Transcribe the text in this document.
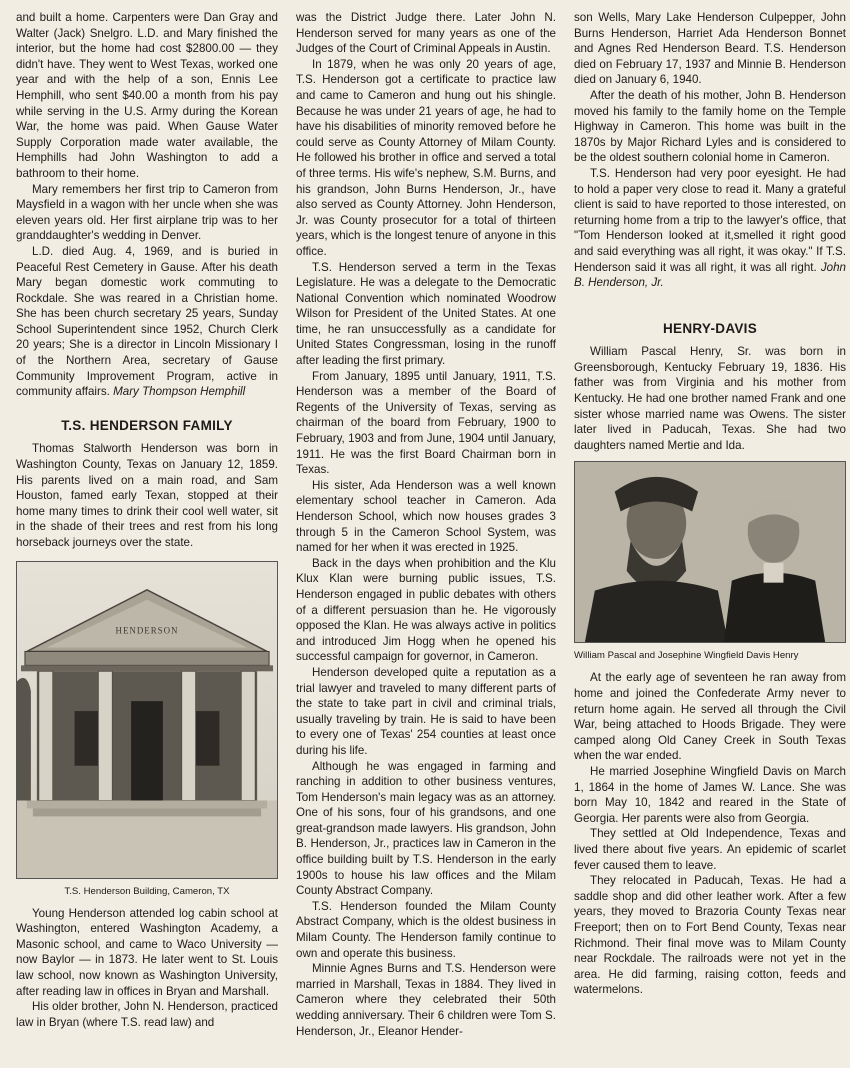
and built a home. Carpenters were Dan Gray and Walter (Jack) Snelgro. L.D. and Mary finished the interior, but the home had cost $2800.00 — they didn't have. They went to West Texas, worked one year and with the help of a son, Ennis Lee Hemphill, who sent $40.00 a month from his pay while serving in the U.S. Army during the Korean War, the home was paid. When Gause Water Supply Corporation made water available, the Hemphills had John Washington to add a bathroom to their home.

Mary remembers her first trip to Cameron from Maysfield in a wagon with her uncle when she was eleven years old. Her first airplane trip was to her granddaughter's wedding in Denver.

L.D. died Aug. 4, 1969, and is buried in Peaceful Rest Cemetery in Gause. After his death Mary began domestic work commuting to Rockdale. She was reared in a Christian home. She has been church secretary 25 years, Sunday School Superintendent since 1952, Church Clerk 20 years; She is a director in Lincoln Missionary I of the Northern Area, secretary of Gause Community Improvement Program, active in community affairs. Mary Thompson Hemphill

T.S. HENDERSON FAMILY

Thomas Stalworth Henderson was born in Washington County, Texas on January 12, 1859. His parents lived on a main road, and Sam Houston, famed early Texan, stopped at their home many times to drink their cool well water, sit in the shade of their trees and rest from his long horseback journeys over the state.

HENDERSON
T.S. Henderson Building, Cameron, TX

Young Henderson attended log cabin school at Washington, entered Washington Academy, a Masonic school, and came to Waco University — now Baylor — in 1873. He later went to St. Louis law school, now known as Washington University, after reading law in offices in Bryan and Marshall.

His older brother, John N. Henderson, practiced law in Bryan (where T.S. read law) and

was the District Judge there. Later John N. Henderson served for many years as one of the Judges of the Court of Criminal Appeals in Austin.

In 1879, when he was only 20 years of age, T.S. Henderson got a certificate to practice law and came to Cameron and hung out his shingle. Because he was under 21 years of age, he had to have his disabilities of minority removed before he could serve as County Attorney of Milam County. He followed his brother in office and served a total of three terms. His wife's nephew, S.M. Burns, and his grandson, John Burns Henderson, Jr., have also served as County Attorney. John Henderson, Jr. was County prosecutor for a total of thirteen years, which is the longest tenure of anyone in this office.

T.S. Henderson served a term in the Texas Legislature. He was a delegate to the Democratic National Convention which nominated Woodrow Wilson for President of the United States. At one time, he ran unsuccessfully as a candidate for United States Congressman, losing in the runoff after leading the first primary.

From January, 1895 until January, 1911, T.S. Henderson was a member of the Board of Regents of the University of Texas, serving as chairman of the board from February, 1900 to February, 1903 and from June, 1904 until January, 1911. He was the first Board Chairman born in Texas.

His sister, Ada Henderson was a well known elementary school teacher in Cameron. Ada Henderson School, which now houses grades 3 through 5 in the Cameron School System, was named for her when it was erected in 1925.

Back in the days when prohibition and the Klu Klux Klan were burning public issues, T.S. Henderson engaged in public debates with others of a different persuasion than he. He vigorously opposed the Klan. He was always active in politics and introduced Jim Hogg when he opened his successful campaign for governor, in Cameron.

Henderson developed quite a reputation as a trial lawyer and traveled to many different parts of the state to take part in civil and criminal trials, usually traveling by train. He is said to have been to every one of Texas' 254 counties at least once during his life.

Although he was engaged in farming and ranching in addition to other business ventures, Tom Henderson's main legacy was as an attorney. One of his sons, four of his grandsons, and one great-grandson made lawyers. His grandson, John B. Henderson, Jr., practices law in Cameron in the office building built by T.S. Henderson in the early 1900s to house his law offices and the Milam County Abstract Company.

T.S. Henderson founded the Milam County Abstract Company, which is the oldest business in Milam County. The Henderson family continue to own and operate this business.

Minnie Agnes Burns and T.S. Henderson were married in Marshall, Texas in 1884. They lived in Cameron where they celebrated their 50th wedding anniversary. Their 6 children were Tom S. Henderson, Jr., Eleanor Hender-

son Wells, Mary Lake Henderson Culpepper, John Burns Henderson, Harriet Ada Henderson Bonnet and Agnes Red Henderson Beard. T.S. Henderson died on February 17, 1937 and Minnie B. Henderson died on January 6, 1940.

After the death of his mother, John B. Henderson moved his family to the family home on the Temple Highway in Cameron. This home was built in the 1870s by Major Richard Lyles and is considered to be the oldest southern colonial home in Cameron.

T.S. Henderson had very poor eyesight. He had to hold a paper very close to read it. Many a grateful client is said to have reported to those interested, on returning home from a trip to the lawyer's office, that "Tom Henderson looked at it,smelled it right good and said everything was all right, it was okay." If T.S. Henderson said it was all right, it was all right. John B. Henderson, Jr.

HENRY-DAVIS

William Pascal Henry, Sr. was born in Greensborough, Kentucky February 19, 1836. His father was from Virginia and his mother from Kentucky. He had one brother named Frank and one sister whose married name was Owens. The sister later lived in Paducah, Texas. She had two daughters named Mertie and Ida.

William Pascal and Josephine Wingfield Davis Henry

At the early age of seventeen he ran away from home and joined the Confederate Army never to return home again. He served all through the Civil War, being attached to Hoods Brigade. They were camped along Old Caney Creek in South Texas when the war ended.

He married Josephine Wingfield Davis on March 1, 1864 in the home of James W. Lance. She was born May 10, 1842 and reared in the State of Georgia. Her parents were also from Georgia.

They settled at Old Independence, Texas and lived there about five years. An epidemic of scarlet fever caused them to leave.

They relocated in Paducah, Texas. He had a saddle shop and did other leather work. After a few years, they moved to Brazoria County Texas near Freeport; then on to Fort Bend County, Texas near Richmond. Their final move was to Milam County near Rockdale. The railroads were not yet in the area. He did farming, raising cotton, feeds and watermelons.
